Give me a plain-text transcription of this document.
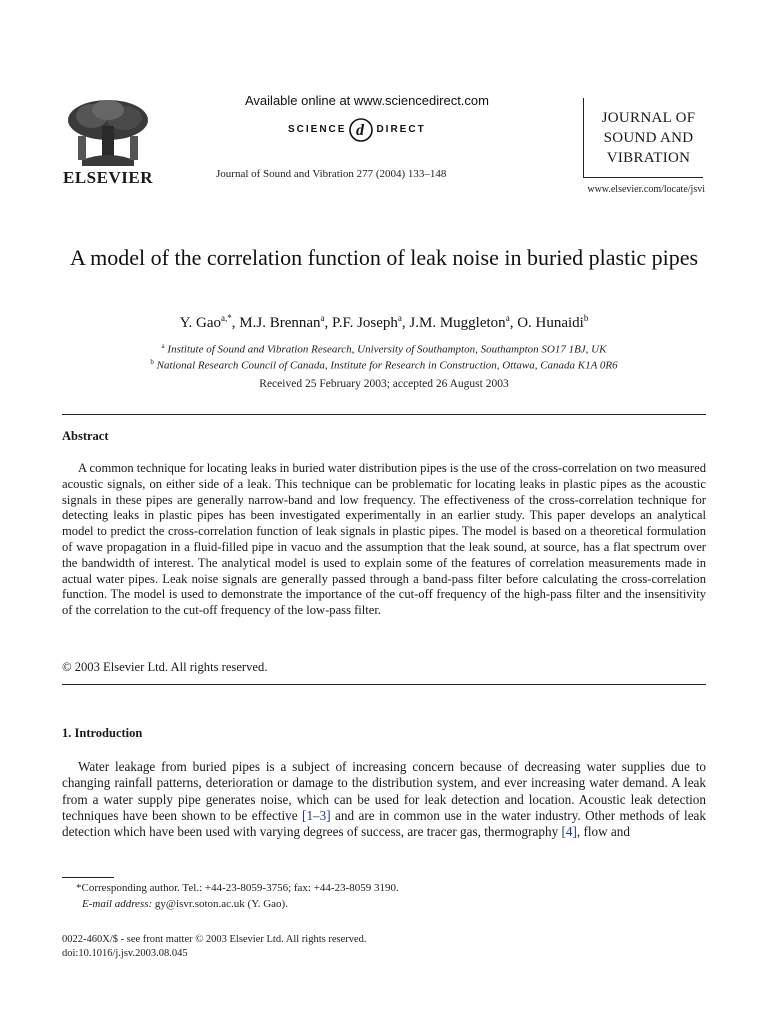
ELSEVIER
Available online at www.sciencedirect.com
SCIENCE d DIRECT
Journal of Sound and Vibration 277 (2004) 133–148
JOURNAL OF
SOUND AND
VIBRATION
www.elsevier.com/locate/jsvi
A model of the correlation function of leak noise in buried plastic pipes
Y. Gao$^{a,*}$, M.J. Brennan$^a$, P.F. Joseph$^a$, J.M. Muggleton$^a$, O. Hunaidi$^b$
$^a$ Institute of Sound and Vibration Research, University of Southampton, Southampton SO17 1BJ, UK
$^b$ National Research Council of Canada, Institute for Research in Construction, Ottawa, Canada K1A 0R6
Received 25 February 2003; accepted 26 August 2003
Abstract

A common technique for locating leaks in buried water distribution pipes is the use of the cross-correlation on two measured acoustic signals, on either side of a leak. This technique can be problematic for locating leaks in plastic pipes as the acoustic signals in these pipes are generally narrow-band and low frequency. The effectiveness of the cross-correlation technique for detecting leaks in plastic pipes has been investigated experimentally in an earlier study. This paper develops an analytical model to predict the cross-correlation function of leak signals in plastic pipes. The model is based on a theoretical formulation of wave propagation in a fluid-filled pipe in vacuo and the assumption that the leak sound, at source, has a flat spectrum over the bandwidth of interest. The analytical model is used to explain some of the features of correlation measurements made in actual water pipes. Leak noise signals are generally passed through a band-pass filter before calculating the cross-correlation function. The model is used to demonstrate the importance of the cut-off frequency of the high-pass filter and the insensitivity of the correlation to the cut-off frequency of the low-pass filter.

© 2003 Elsevier Ltd. All rights reserved.
1. Introduction

Water leakage from buried pipes is a subject of increasing concern because of decreasing water supplies due to changing rainfall patterns, deterioration or damage to the distribution system, and ever increasing water demand. A leak from a water supply pipe generates noise, which can be used for leak detection and location. Acoustic leak detection techniques have been shown to be effective [1–3] and are in common use in the water industry. Other methods of leak detection which have been used with varying degrees of success, are tracer gas, thermography [4], flow and

*Corresponding author. Tel.: +44-23-8059-3756; fax: +44-23-8059 3190.
E-mail address: gy@isvr.soton.ac.uk (Y. Gao).
0022-460X/$ - see front matter © 2003 Elsevier Ltd. All rights reserved.
doi:10.1016/j.jsv.2003.08.045
